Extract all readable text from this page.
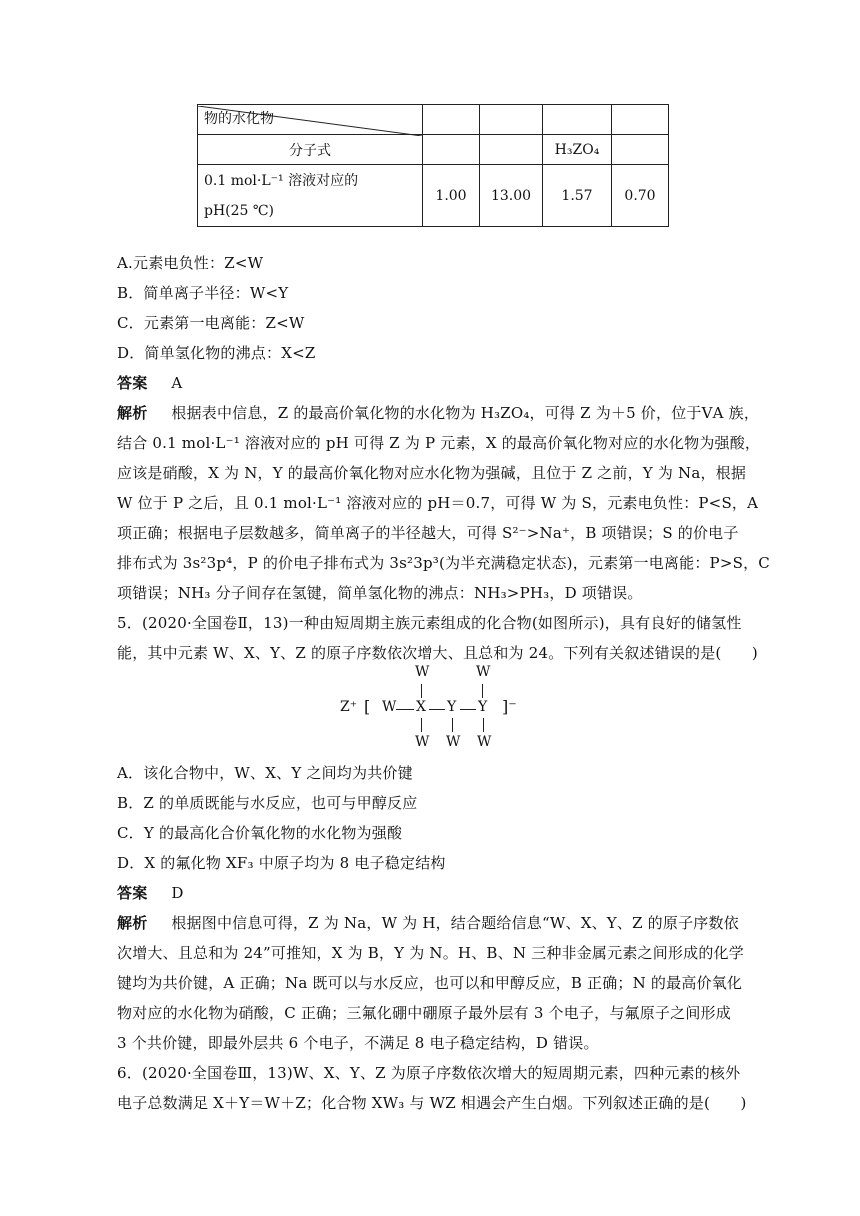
物的水化物				

分子式			H₃ZO₄	

0.1 mol·L⁻¹ 溶液对应的
pH(25 ℃)	1.00	13.00	1.57	0.70
A.元素电负性：Z<W
B．简单离子半径：W<Y
C．元素第一电离能：Z<W
D．简单氢化物的沸点：X<Z
答案 A
解析 根据表中信息，Z 的最高价氧化物的水化物为 H₃ZO₄，可得 Z 为＋5 价，位于ⅤA 族，
结合 0.1 mol·L⁻¹ 溶液对应的 pH 可得 Z 为 P 元素，X 的最高价氧化物对应的水化物为强酸，
应该是硝酸，X 为 N，Y 的最高价氧化物对应水化物为强碱，且位于 Z 之前，Y 为 Na，根据
W 位于 P 之后，且 0.1 mol·L⁻¹ 溶液对应的 pH＝0.7，可得 W 为 S，元素电负性：P<S，A
项正确；根据电子层数越多，简单离子的半径越大，可得 S²⁻>Na⁺，B 项错误；S 的价电子
排布式为 3s²3p⁴，P 的价电子排布式为 3s²3p³(为半充满稳定状态)，元素第一电离能：P>S，C
项错误；NH₃ 分子间存在氢键，简单氢化物的沸点：NH₃>PH₃，D 项错误。
5．(2020·全国卷Ⅱ，13)一种由短周期主族元素组成的化合物(如图所示)，具有良好的储氢性
能，其中元素 W、X、Y、Z 的原子序数依次增大、且总和为 24。下列有关叙述错误的是(　　)
W	W
Z⁺ [ W X Y Y ]⁻
W W W
A．该化合物中，W、X、Y 之间均为共价键
B．Z 的单质既能与水反应，也可与甲醇反应
C．Y 的最高化合价氧化物的水化物为强酸
D．X 的氟化物 XF₃ 中原子均为 8 电子稳定结构
答案 D
解析 根据图中信息可得，Z 为 Na，W 为 H，结合题给信息“W、X、Y、Z 的原子序数依
次增大、且总和为 24”可推知，X 为 B，Y 为 N。H、B、N 三种非金属元素之间形成的化学
键均为共价键，A 正确；Na 既可以与水反应，也可以和甲醇反应，B 正确；N 的最高价氧化
物对应的水化物为硝酸，C 正确；三氟化硼中硼原子最外层有 3 个电子，与氟原子之间形成
3 个共价键，即最外层共 6 个电子，不满足 8 电子稳定结构，D 错误。
6．(2020·全国卷Ⅲ，13)W、X、Y、Z 为原子序数依次增大的短周期元素，四种元素的核外
电子总数满足 X＋Y＝W＋Z；化合物 XW₃ 与 WZ 相遇会产生白烟。下列叙述正确的是(　　)
